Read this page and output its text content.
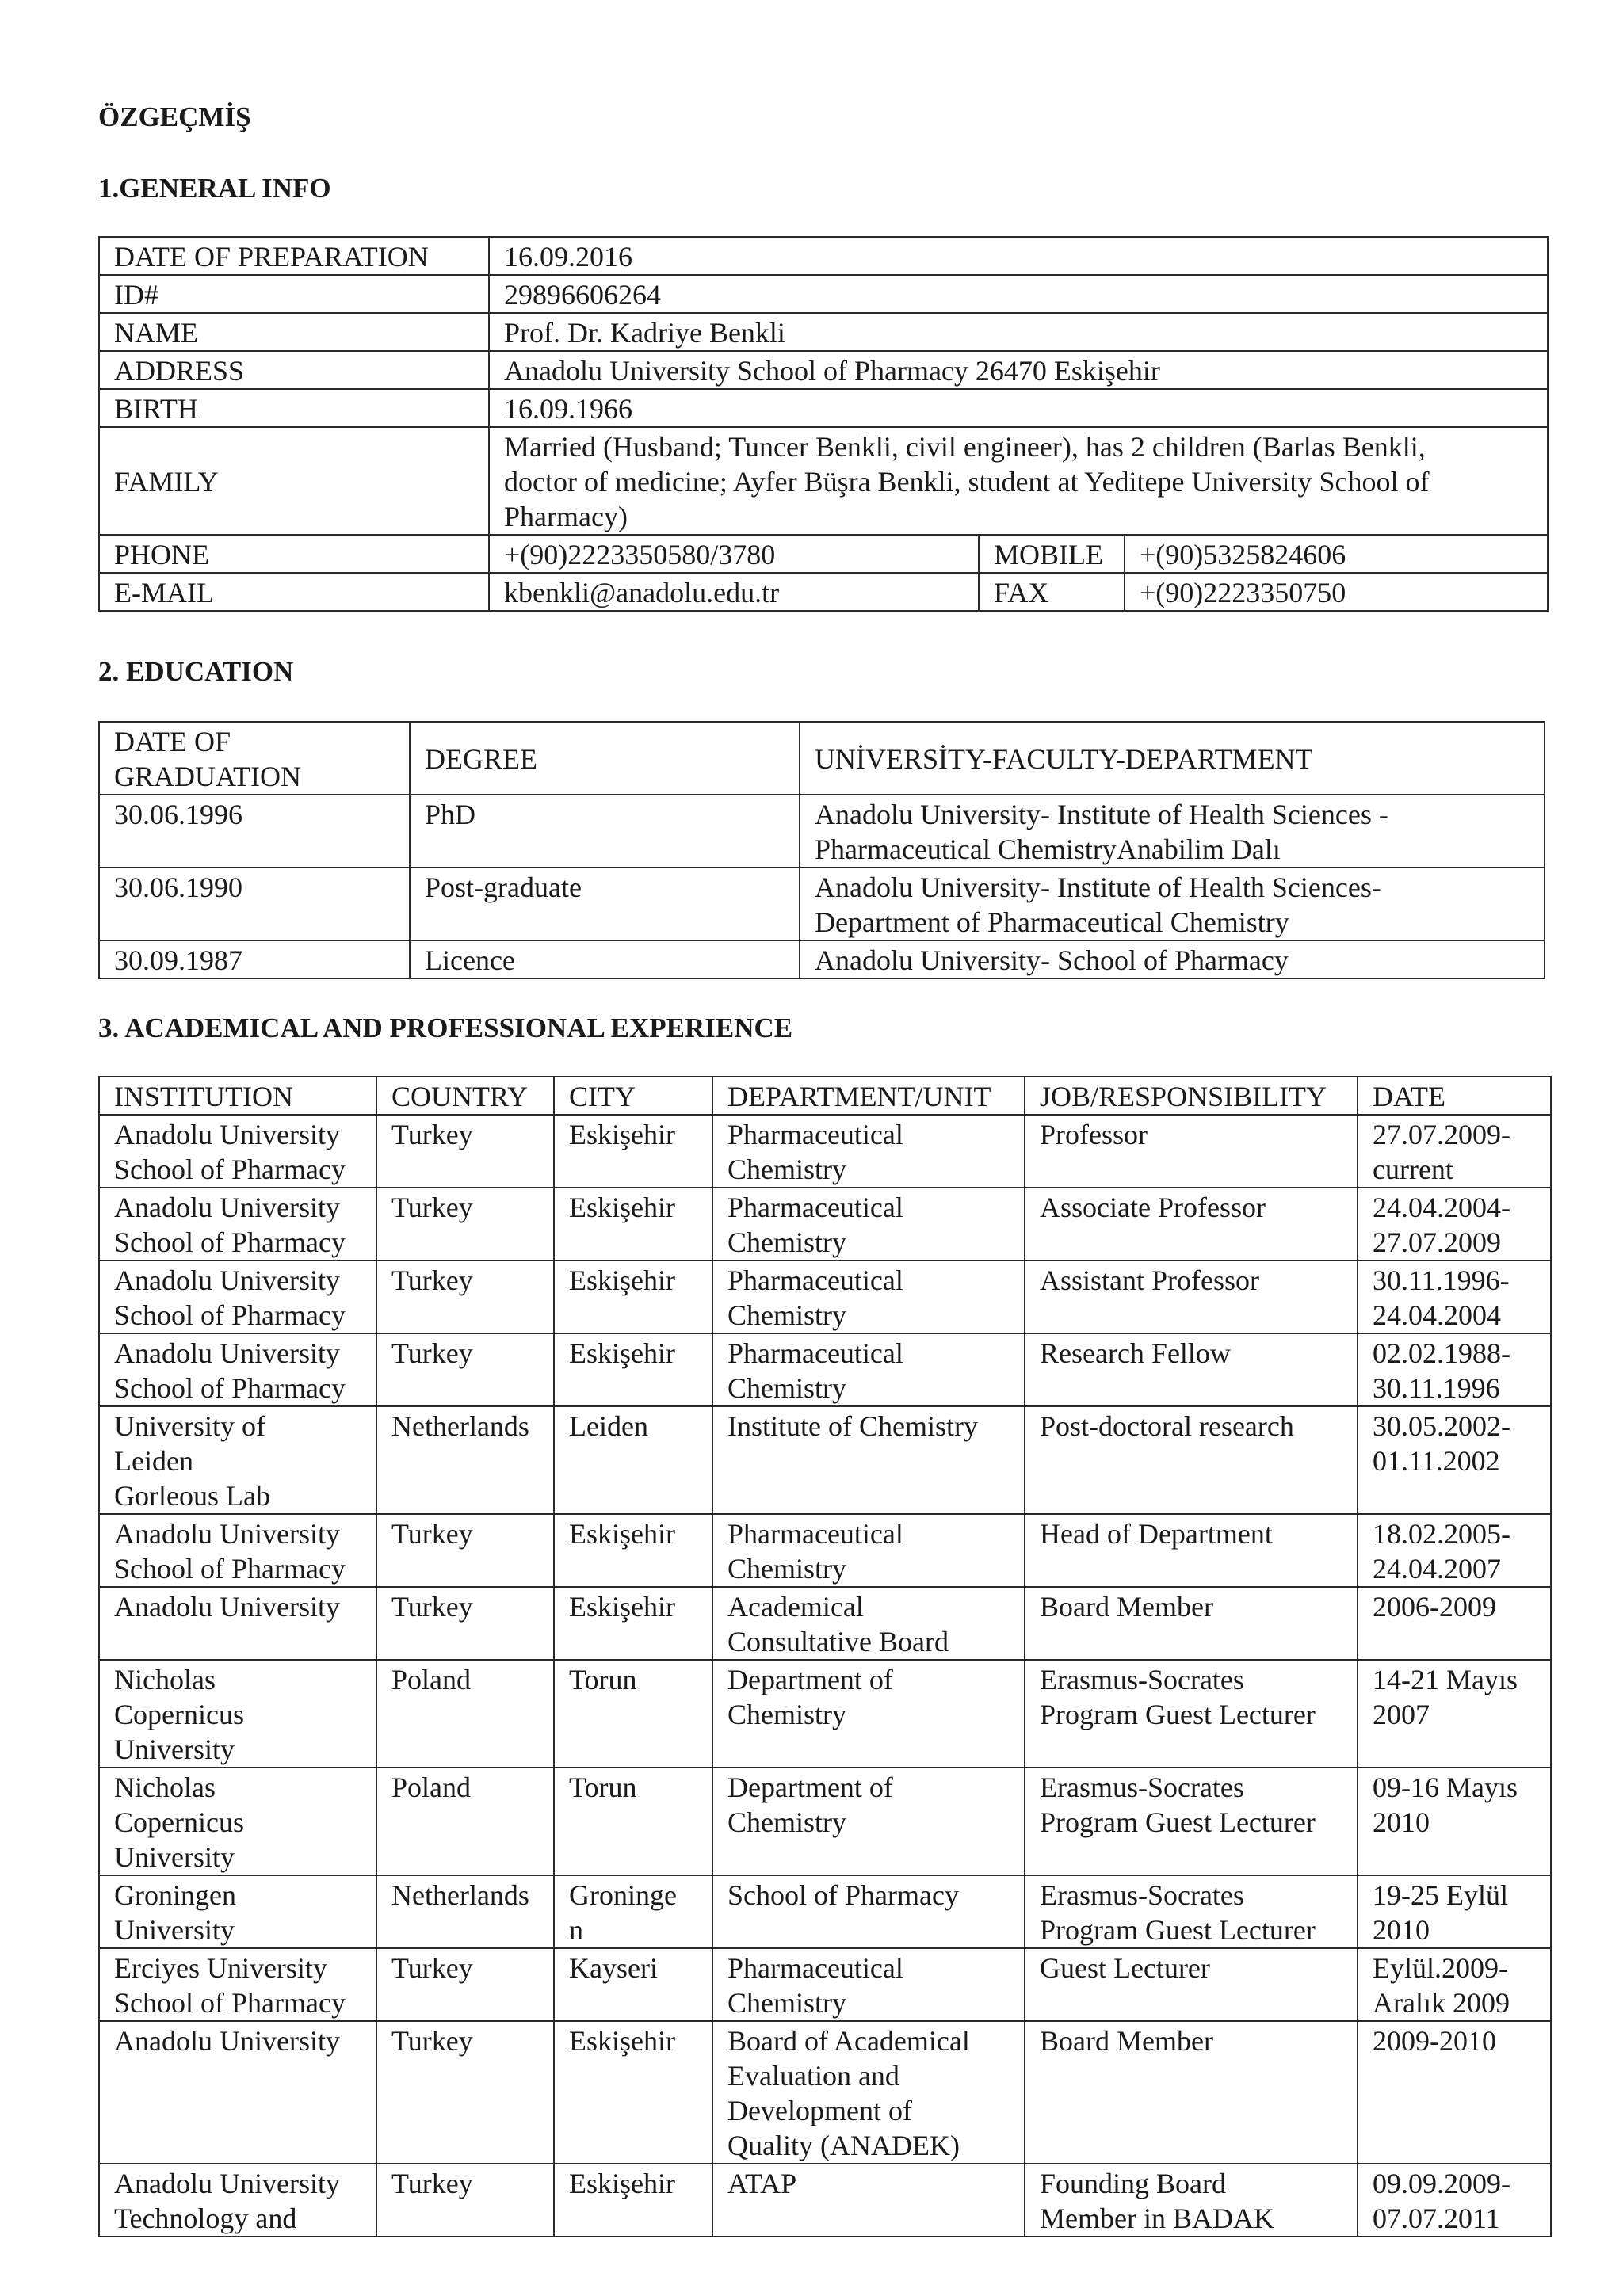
ÖZGEÇMİŞ
1.GENERAL INFO
DATE OF PREPARATION	16.09.2016		
ID#	29896606264		
NAME	Prof. Dr. Kadriye Benkli		
ADDRESS	Anadolu University School of Pharmacy 26470 Eskişehir		
BIRTH	16.09.1966		
FAMILY	Married (Husband; Tuncer Benkli, civil engineer), has 2 children (Barlas Benkli,
doctor of medicine; Ayfer Büşra Benkli, student at Yeditepe University School of
Pharmacy)		

PHONE	+(90)2223350580/3780	MOBILE	+(90)5325824606
E-MAIL	kbenkli@anadolu.edu.tr	FAX	+(90)2223350750
2. EDUCATION
DATE OF
GRADUATION	DEGREE	UNİVERSİTY-FACULTY-DEPARTMENT
30.06.1996	PhD	Anadolu University- Institute of Health Sciences -
Pharmaceutical ChemistryAnabilim Dalı

30.06.1990	Post-graduate	Anadolu University- Institute of Health Sciences-
Department of Pharmaceutical Chemistry

30.09.1987	Licence	Anadolu University- School of Pharmacy
3. ACADEMICAL AND PROFESSIONAL EXPERIENCE
INSTITUTION	COUNTRY	CITY	DEPARTMENT/UNIT	JOB/RESPONSIBILITY	DATE

Anadolu University
School of Pharmacy	Turkey	Eskişehir	Pharmaceutical
Chemistry	Professor	27.07.2009-
current

Anadolu University
School of Pharmacy	Turkey	Eskişehir	Pharmaceutical
Chemistry	Associate Professor	24.04.2004-
27.07.2009

Anadolu University
School of Pharmacy	Turkey	Eskişehir	Pharmaceutical
Chemistry	Assistant Professor	30.11.1996-
24.04.2004

Anadolu University
School of Pharmacy	Turkey	Eskişehir	Pharmaceutical
Chemistry	Research Fellow	02.02.1988-
30.11.1996

University of
Leiden
Gorleous Lab	Netherlands	Leiden	Institute of Chemistry	Post-doctoral research	30.05.2002-
01.11.2002

Anadolu University
School of Pharmacy	Turkey	Eskişehir	Pharmaceutical
Chemistry	Head of Department	18.02.2005-
24.04.2007

Anadolu University	Turkey	Eskişehir	Academical
Consultative Board	Board Member	2006-2009

Nicholas
Copernicus
University	Poland	Torun	Department of
Chemistry	Erasmus-Socrates
Program Guest Lecturer	14-21 Mayıs
2007

Nicholas
Copernicus
University	Poland	Torun	Department of
Chemistry	Erasmus-Socrates
Program Guest Lecturer	09-16 Mayıs
2010

Groningen
University	Netherlands	Groninge
n	School of Pharmacy	Erasmus-Socrates
Program Guest Lecturer	19-25 Eylül
2010

Erciyes University
School of Pharmacy	Turkey	Kayseri	Pharmaceutical
Chemistry	Guest Lecturer	Eylül.2009-
Aralık 2009

Anadolu University	Turkey	Eskişehir	Board of Academical
Evaluation and
Development of
Quality (ANADEK)	Board Member	2009-2010

Anadolu University
Technology and	Turkey	Eskişehir	ATAP	Founding Board
Member in BADAK	09.09.2009-
07.07.2011
